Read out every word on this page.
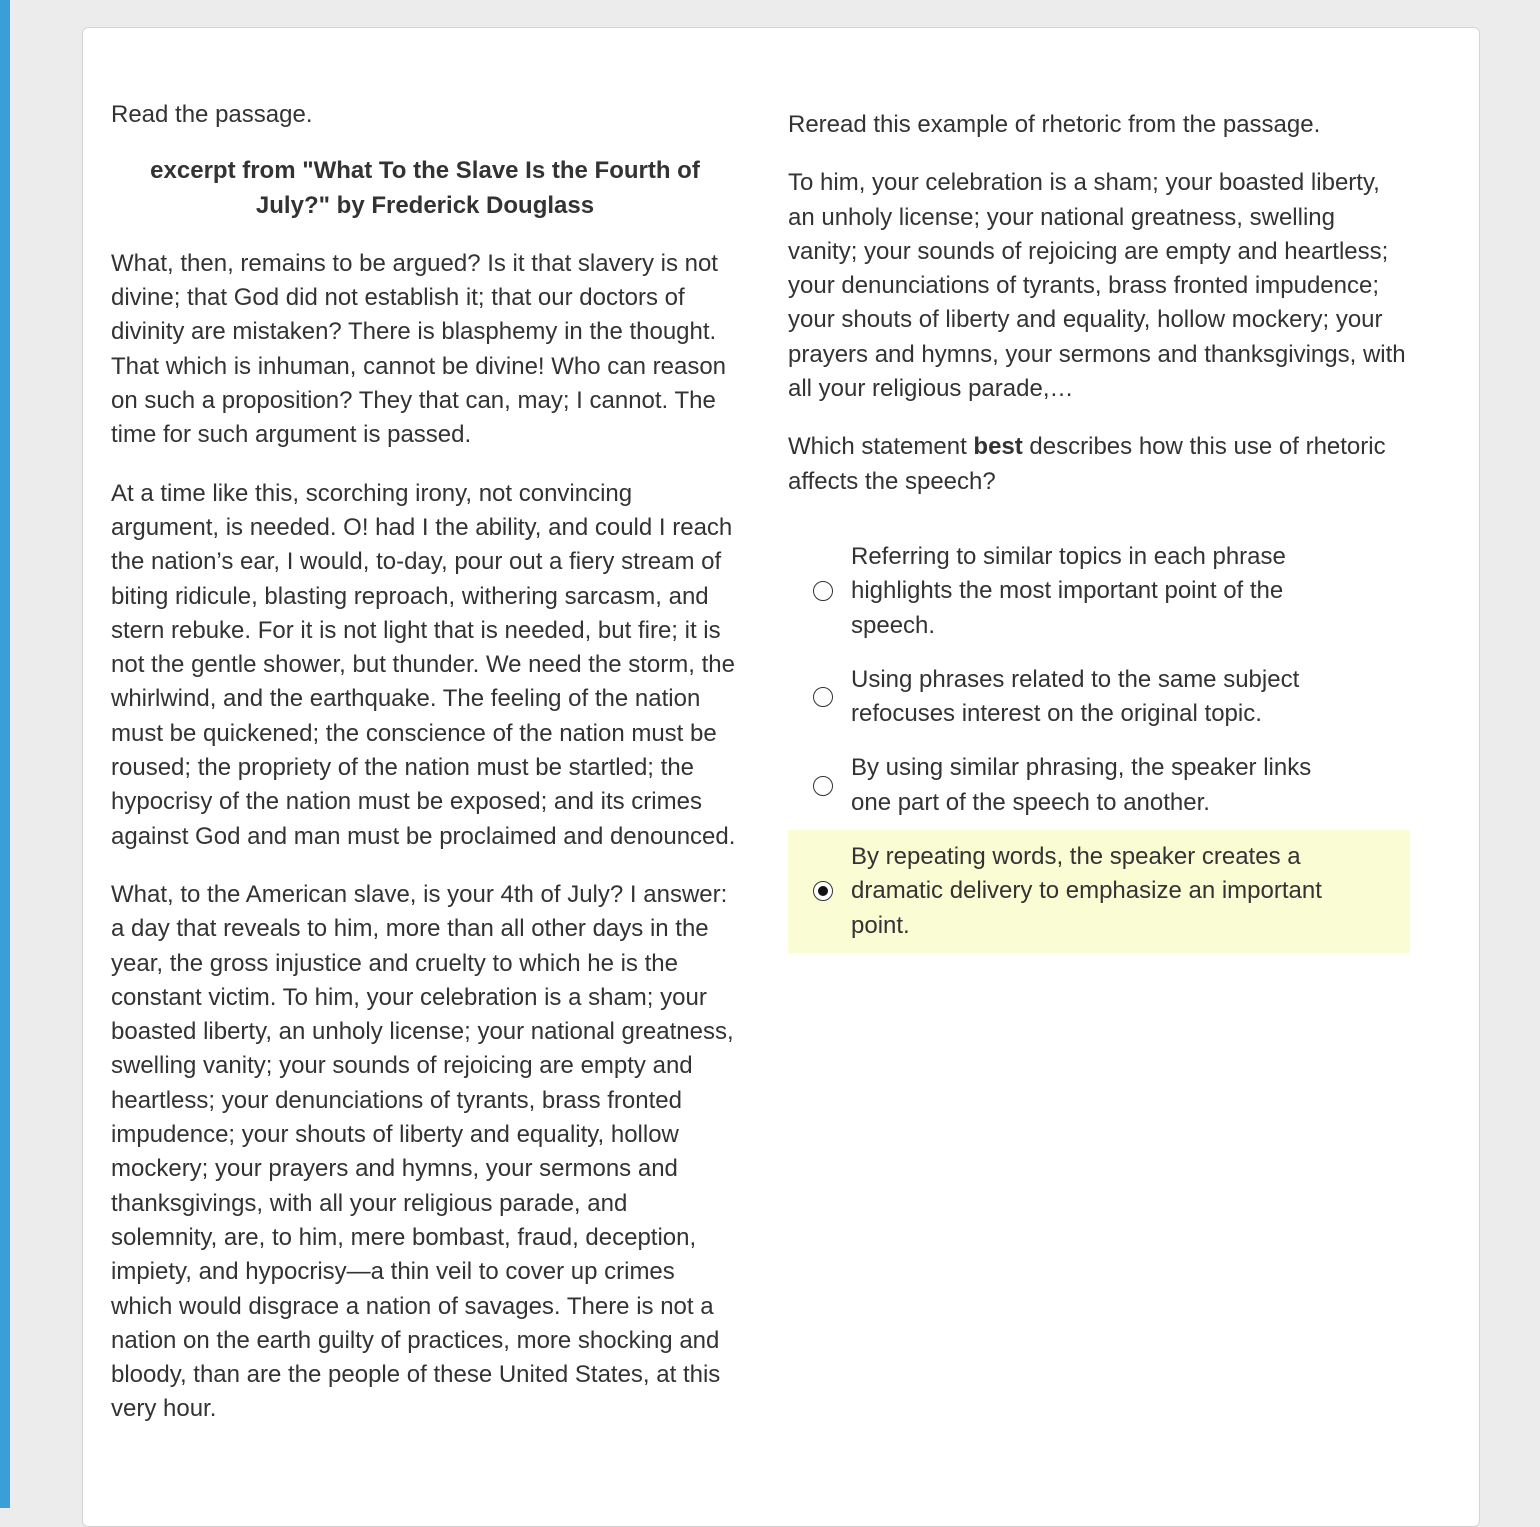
Read the passage.

excerpt from "What To the Slave Is the Fourth of July?" by Frederick Douglass

What, then, remains to be argued? Is it that slavery is not divine; that God did not establish it; that our doctors of divinity are mistaken? There is blasphemy in the thought. That which is inhuman, cannot be divine! Who can reason on such a proposition? They that can, may; I cannot. The time for such argument is passed.

At a time like this, scorching irony, not convincing argument, is needed. O! had I the ability, and could I reach the nation’s ear, I would, to-day, pour out a fiery stream of biting ridicule, blasting reproach, withering sarcasm, and stern rebuke. For it is not light that is needed, but fire; it is not the gentle shower, but thunder. We need the storm, the whirlwind, and the earthquake. The feeling of the nation must be quickened; the conscience of the nation must be roused; the propriety of the nation must be startled; the hypocrisy of the nation must be exposed; and its crimes against God and man must be proclaimed and denounced.

What, to the American slave, is your 4th of July? I answer: a day that reveals to him, more than all other days in the year, the gross injustice and cruelty to which he is the constant victim. To him, your celebration is a sham; your boasted liberty, an unholy license; your national greatness, swelling vanity; your sounds of rejoicing are empty and heartless; your denunciations of tyrants, brass fronted impudence; your shouts of liberty and equality, hollow mockery; your prayers and hymns, your sermons and thanksgivings, with all your religious parade, and solemnity, are, to him, mere bombast, fraud, deception, impiety, and hypocrisy—a thin veil to cover up crimes which would disgrace a nation of savages. There is not a nation on the earth guilty of practices, more shocking and bloody, than are the people of these United States, at this very hour.

Reread this example of rhetoric from the passage.

To him, your celebration is a sham; your boasted liberty, an unholy license; your national greatness, swelling vanity; your sounds of rejoicing are empty and heartless; your denunciations of tyrants, brass fronted impudence; your shouts of liberty and equality, hollow mockery; your prayers and hymns, your sermons and thanksgivings, with all your religious parade,…

Which statement best describes how this use of rhetoric affects the speech?

Referring to similar topics in each phrase highlights the most important point of the speech.

Using phrases related to the same subject refocuses interest on the original topic.

By using similar phrasing, the speaker links one part of the speech to another.

By repeating words, the speaker creates a dramatic delivery to emphasize an important point.
